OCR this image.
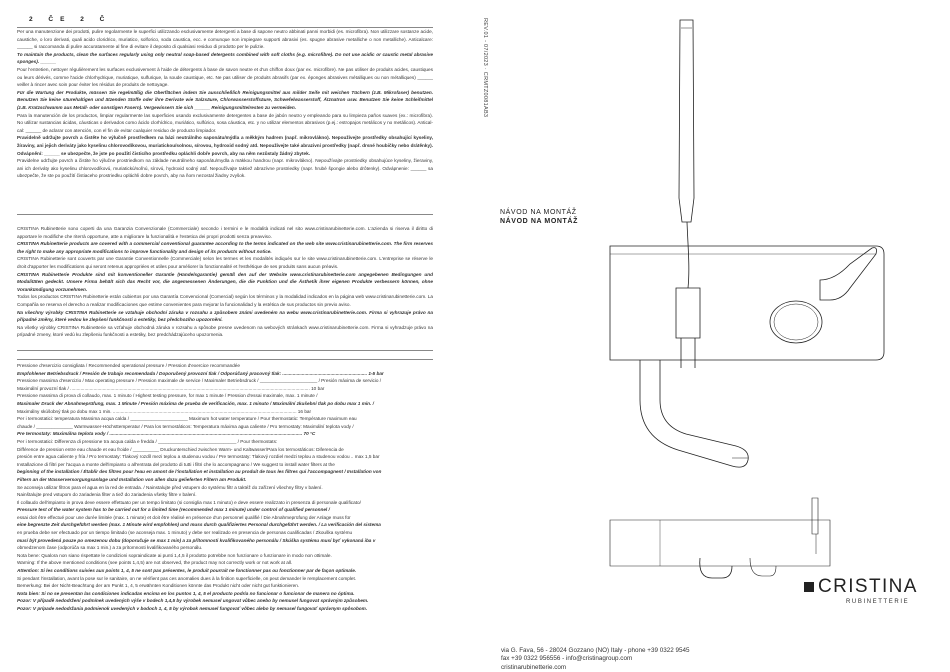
2 ČE 2 Č

Per una manutenzione dei prodotti, pulire regolarmente le superfici utilizzando esclusivamente detergenti a base di sapone neutro abbinati panni morbidi (es. microfibra). Non utilizzare sostanze acide, caustiche, o loro derivati, quali acido cloridrico, muriatico, solforico, soda caustica, ecc. e comunque non impiegare supporti abrasivi (es. spugne abrasive metalliche o non metalliche). Anticalcare: ______ si raccomanda di pulire accuratamente al fine di evitare il deposito di qualsiasi residuo di prodotto per le pulizie.

To maintain the products, clean the surfaces regularly using only neutral soap-based detergents combined with soft cloths (e.g. microfibre). Do not use acidic or caustic metal abrasive sponges). ______

Pour l'entretien, nettoyer régulièrement les surfaces exclusivement à l'aide de détergents à base de savon neutre et d'un chiffon doux (par ex. microfibre). Ne pas utiliser de produits acides, caustiques ou leurs dérivés, comme l'acide chlorhydrique, muriatique, sulfurique, la soude caustique, etc. Ne pas utiliser de produits abrasifs (par ex. éponges abrasives métalliques ou non métalliques) ______ veiller à rincer avec soin pour éviter les résidus de produits de nettoyage.

Für die Wartung der Produkte, müssen Sie regelmäßig die Oberflächen indem Sie ausschließlich Reinigungsmittel aus milder Seife mit weichen Tüchern (z.B. Mikrofaser) benutzen. Benutzen Sie keine säurehaltigen und ätzenden Stoffe oder ihre Derivate wie Salzsäure, Chlorwasserstoffsäure, Schwefelwasserstoff, Ätznatron usw. Benutzen Sie keine Schleifmittel (z.B. Kratzschwamm aus Metall- oder sonstigen Fasern). Vergewissern Sie sich ______ Reinigungsmittelresten zu vermeiden.

Para la manutención de los productos, limpiar regularmente las superficies usando exclusivamente detergentes a base de jabón neutro y empleando para su limpieza paños suaves (ex.: microfibra). No utilizar sustancias ácidas, cáusticas o derivados como ácido clorhídrico, muriático, sulfúrico, sosa cáustica, etc. y no utilizar elementos abrasivos (p.ej.: estropajos metálicos y no metálicos). Antical-cal: ______ de aclarar con atención, con el fin de evitar cualquier residuo de producto limpiador.

Pravidelně udržujte povrch a čistěte ho výlučně prostředkem na bázi neutrálního saponátu/mýdla a měkkým hadrem (např. mikrovlákno). Nepoužívejte prostředky obsahující kyseliny, žíraviny, ani jejich deriváty jako kyselinu chlorovodíkovou, muriatickou/solnou, sírovou, hydroxid sodný atd. Nepoužívejte také abrazivní prostředky (např. drsné houbičky nebo drátěnky). Odvápnění: ______ se ubezpečte, že jste po použití čisticího prostředku opláchli dobře povrch, aby na něm nezůstaly žádný zbytek.

Pravidelne udržujte povrch a čistite ho výlučne prostriedkom na základe neutrálneho saponátu/mydla a mäkkou handrou (napr. mikrovlákno). Nepoužívajte prostriedky obsahujúce kyseliny, žieraviny, ani ich deriváty ako kyselinu chlorovodíkovú, muriatickú/soľnú, sírovú, hydroxid sodný atď. Nepoužívajte taktiež abrazívne prostriedky (napr. hrubé špongie alebo drôtenky). Odvápnenie: ______ sa ubezpečte, že ste po použití čistiaceho prostriedku opláchli dobre povrch, aby na ňom nezostal žiadny zvyšok.

CRISTINA Rubinetterie sono coperti da una Garanzia Convenzionale (Commerciale) secondo i termini e le modalità indicati nel sito www.cristinarubinetterie.com. L'azienda si riserva il diritto di apportare le modifiche che riterrà opportune, atte a migliorare la funzionalità e l'estetica dei propri prodotti senza preavviso.

CRISTINA Rubinetterie products are covered with a commercial conventional guarantee according to the terms indicated on the web site www.cristinarubinetterie.com. The firm reserves the right to make any appropriate modifications to improve functionality and design of its products without notice.

CRISTINA Rubinetterie sont couverts par une Garantie Conventionnelle (Commerciale) selon les termes et les modalités indiqués sur le site www.cristinarubinetterie.com. L'entreprise se réserve le droit d'apporter les modifications qui seront retenus appropriées et utiles pour améliorer la fonctionnalité et l'esthétique de ses produits sans aucun préavis.

CRISTINA Rubinetterie Produkte sind mit konventioneller Garantie (Handelsgarantie) gemäß den auf der Website www.cristinarubinetterie.com angegebenen Bedingungen und Modalitäten gedeckt. Unsere Firma behält sich das Recht vor, die angemessenen Änderungen, die die Funktion und die Ästhetik ihrer eigenen Produkte verbessern können, ohne Vorankündigung vorzunehmen.

Todos los productos CRISTINA Rubinetterie están cubiertos por una Garantía Convencional (Comercial) según los términos y la modalidad indicados en la página web www.cristinarubinetterie.com. La Compañía se reserva el derecho a realizar modificaciones que estime convenientes para mejorar la funcionalidad y la estética de sus productos sin previo aviso.

Na všechny výrobky CRISTINA Rubinetterie se vztahuje obchodní záruka v rozsahu a způsobem známi uvedeném na webu www.cristinarubinetterie.com. Firma si vyhrazuje právo na případné změny, které vedou ke zlepšení funkčnosti a estetiky, bez předchozího upozornění.

Na všetky výrobky CRISTINA Rubinetterie sa vzťahuje obchodná záruka v rozsahu a spôsobe presne uvedenom na webových stránkach www.cristinarubinetterie.com. Firma si vyhradzuje právo na prípadné zmeny, ktoré vedú ku zlepšeniu funkčnosti a estetiky, bez predchádzajúceho upozornenia.

Pressione d'esercizio consigliata / Recommended operational pressure / Pression d'exercice recommandée

Empfohlener Betriebsdruck / Presión de trabajo recomendada / Doporučený provozní tlak / Odporúčaný pracovný tlak: ................................................................. 1-5 bar

Pressione massima d'esercizio / Max operating pressure / Pression maximale de service / Maximaler Betriebsdruck / ______________________ / Presión máxima de servicio /

Maximální provozní tlak / ........................................................................................................................................................................................ 10 bar

Pressione massima di prova di collaudo, max. 1 minuto / Highest testing pressure, for max 1 minute / Pression d'essai maximale, max. 1 minute /

Maximaler Druck der Abnahmeprüfung, max. 1 Minute / Presión máxima de prueba de verificación, max. 1 minuto / Maximální zkušební tlak po dobu max 1 min. /

Maximálny skúšobný tlak po dobu max 1 min. ............................................................................................................................................. 16 bar

Per i termostatici: temperatura Massima acqua calda / ______________________ Maximum hot water temperature / Pour thermostatic: Température maximum eau

chaude / ______________ Warmwasser-Höchsttemperatur / Para los termostáticos: Temperatura máxima agua caliente / Pro termostaty: Maximální teplota vody /

Pre termostaty: Maximálna teplota vody / .................................................................................................................................................... 70 °C

Per i termostatici: Differenza di pressione tra acqua calda e fredda / ______________________________ / Pour thermostats:

Différence de pression entre eau chaude et eau froide / __________ Druckunterschied zwischen Warm- und Kaltwasser/Para los termostáticos: Diferencia de

presión entre agua caliente y fría / Pro termostaty: Tlakový rozdíl mezi teplou a studenou vodou / Pre termostaty: Tlakový rozdiel medzi teplou a studenou vodou .. max 1,5 bar

Installazione di filtri per l'acqua a monte dell'impianto o all'entrata del prodotto di tutti i filtri che lo accompagnano / We suggest to install water filters at the

beginning of the installation / Établir des filtres pour l'eau en amont de l'installation et installation au produit de tous les filtres qui l'accompagnent / Installation von

Filtern an der Wasserversorgungsanlage und Installation von allen dazu gelieferten Filtern am Produkt.

Se aconseja utilizar filtros para el agua en la red de entrada. / Nainstalujte před vstupem do systému filtr a taktéž do zařízení všechny filtry v balení.

Nainštalujte pred vstupom do zariadenia filter a tiež do zariadenia všetky filtre v balení.

Il collaudo dell'impianto in prova deve essere effettuato per un tempo limitato (si consiglia max 1 minuto) e deve essere realizzato in presenza di personale qualificato/

Pressure test of the water system has to be carried out for a limited time (recommended max 1 minute) under control of qualified personnel /

essai doit être effectué pour une durée limitée (max. 1 minute) et doit être réalisé en présence d'un personnel qualifié / Die Abnahmeprüfung der Anlage muss für

eine begrenzte Zeit durchgeführt werden (max. 1 Minute wird empfohlen) und muss durch qualifiziertes Personal durchgeführt werden. / La verificación del sistema

en prueba debe ser efectuado por un tiempo limitado (se aconseja max. 1 minuto) y debe ser realizado en presencia de personas cualificadas / Zkouška systému

musí být provedená pouze po omezenou dobu (doporučuje se max 1 min) a za přítomnosti kvalifikovaného personálu / Skúška systému musí byť vykonaná iba v

obmedzenom čase (odporúča sa max 1 min.) a za prítomnosti kvalifikovaného personálu.

Nota bene: Qualora non siano rispettate le condizioni sopraindicate ai punti 1,4,5 il prodotto potrebbe non funzionare o funzionare in modo non ottimale.

Warning: If the above mentioned conditions (see points 1,4,5) are not observed, the product may not correctly work or not work at all.

Attention: Si les conditions suivies aux points 1, 4, 5 ne sont pas présentes, le produit pourrait ne fonctionner pas ou fonctionner par de façon optimale.

Si pendant l'installation, avant la pose sur le sanitaire, on ne vérifient pas ces anomalies dues à la finition superficielle, on peut demander le remplacement complet.

Bemerkung: Bei der Nicht-Beachtung der am Punkt 1, 4, 5 erwähnten Konditionen könnte das Produkt nicht oder nicht gut funktionieren.

Nota bien: Si no se presentan las condiciones indicadas encima en los puntos 1, 4, 5 el producto podría no funcionar o funcionar de manera no óptima.

Pozor: V případě nedodržení podmínek uvedených výše v bodech 1,4,5 by výrobek nemusel ungovat vůbec anebo by nemusel fungovat správným způsobem.

Pozor: V prípade nedodržania podmienok uvedených v bodoch 1, 4, 5 by výrobok nemusel fungovať vôbec alebo by nemusel fungovať správnym spôsobom.

REV.01 - 07/2023 · CRMTZ0081AB3
NÁVOD NA MONTÁŽ
NÁVOD NA MONTÁŽ
CRISTINA
RUBINETTERIE
via G. Fava, 56 - 28024 Gozzano (NO) Italy - phone +39 0322 9545
fax +39 0322 956556 - info@cristinagroup.com
cristinarubinetterie.com
